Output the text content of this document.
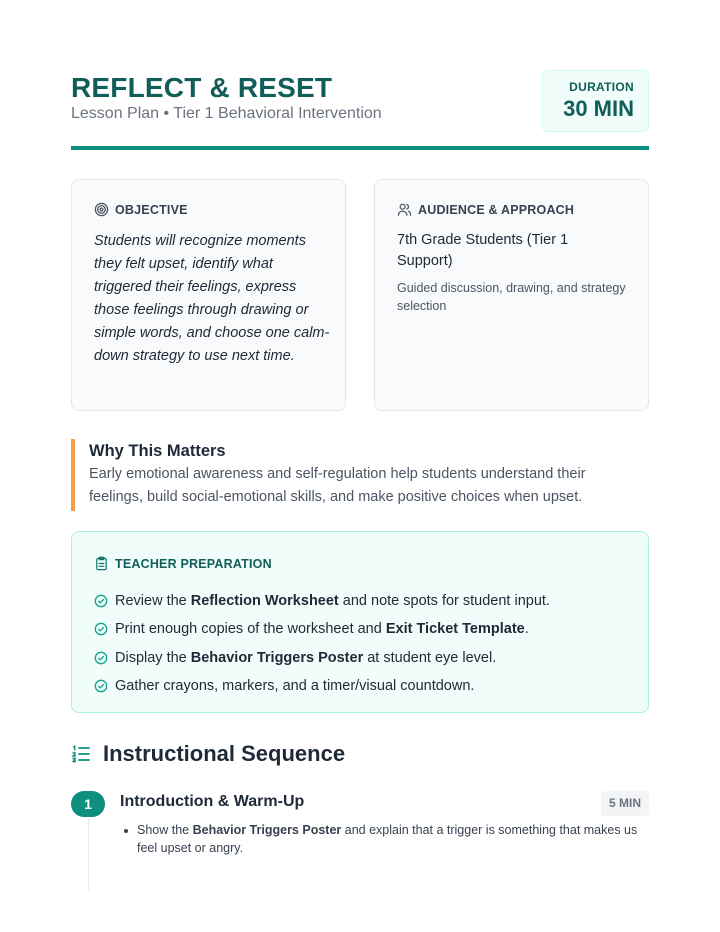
REFLECT & RESET
Lesson Plan • Tier 1 Behavioral Intervention
DURATION
30 MIN
OBJECTIVE
Students will recognize moments they felt upset, identify what triggered their feelings, express those feelings through drawing or simple words, and choose one calm-down strategy to use next time.
AUDIENCE & APPROACH
7th Grade Students (Tier 1 Support)
Guided discussion, drawing, and strategy selection
Why This Matters

Early emotional awareness and self-regulation help students understand their feelings, build social-emotional skills, and make positive choices when upset.

TEACHER PREPARATION
Review the Reflection Worksheet and note spots for student input.
Print enough copies of the worksheet and Exit Ticket Template.
Display the Behavior Triggers Poster at student eye level.
Gather crayons, markers, and a timer/visual countdown.
Instructional Sequence
1	Introduction & Warm-Up	5 MIN
Show the Behavior Triggers Poster and explain that a trigger is something that makes us feel upset or angry.
